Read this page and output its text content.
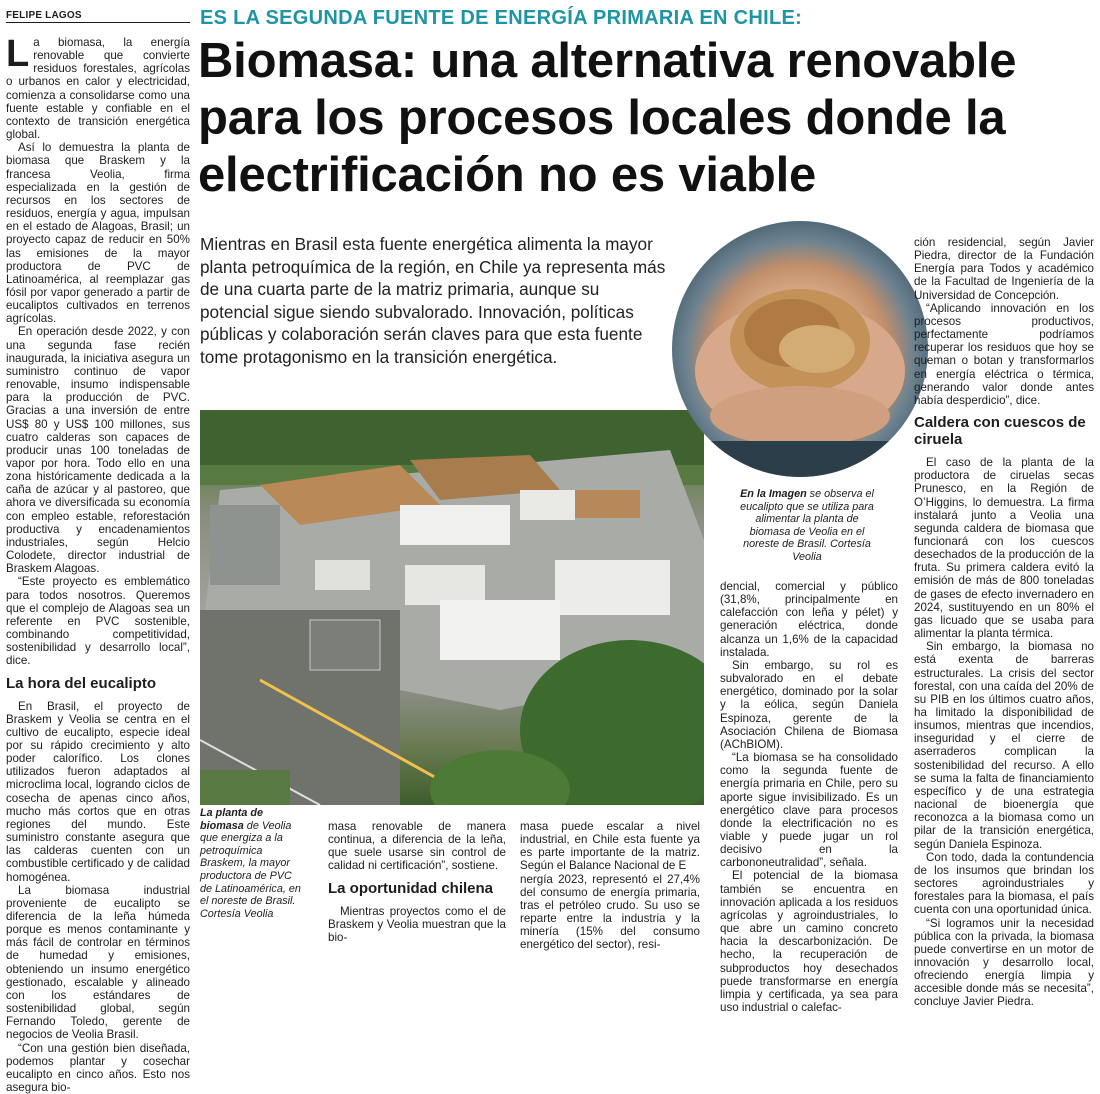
FELIPE LAGOS	ES LA SEGUNDA FUENTE DE ENERGÍA PRIMARIA EN CHILE:
Biomasa: una alternativa renovable
para los procesos locales donde la
electrificación no es viable
Mientras en Brasil esta fuente energética alimenta la mayor planta petroquímica de la región, en Chile ya representa más de una cuarta parte de la matriz primaria, aunque su potencial sigue siendo subvalorado. Innovación, políticas públicas y colaboración serán claves para que esta fuente tome protagonismo en la transición energética.

La biomasa, la energía renovable que convierte residuos forestales, agrícolas o urbanos en calor y electricidad, comienza a consolidarse como una fuente estable y confiable en el contexto de transición energética global.

Así lo demuestra la planta de biomasa que Braskem y la francesa Veolia, firma especializada en la gestión de recursos en los sectores de residuos, energía y agua, impulsan en el estado de Alagoas, Brasil; un proyecto capaz de reducir en 50% las emisiones de la mayor productora de PVC de Latinoamérica, al reemplazar gas fósil por vapor generado a partir de eucaliptos cultivados en terrenos agrícolas.

En operación desde 2022, y con una segunda fase recién inaugurada, la iniciativa asegura un suministro continuo de vapor renovable, insumo indispensable para la producción de PVC. Gracias a una inversión de entre US$ 80 y US$ 100 millones, sus cuatro calderas son capaces de producir unas 100 toneladas de vapor por hora. Todo ello en una zona históricamente dedicada a la caña de azúcar y al pastoreo, que ahora ve diversificada su economía con empleo estable, reforestación productiva y encadenamientos industriales, según Helcio Colodete, director industrial de Braskem Alagoas.

“Este proyecto es emblemático para todos nosotros. Queremos que el complejo de Alagoas sea un referente en PVC sostenible, combinando competitividad, sostenibilidad y desarrollo local”, dice.

La hora del eucalipto

En Brasil, el proyecto de Braskem y Veolia se centra en el cultivo de eucalipto, especie ideal por su rápido crecimiento y alto poder calorífico. Los clones utilizados fueron adaptados al microclima local, logrando ciclos de cosecha de apenas cinco años, mucho más cortos que en otras regiones del mundo. Este suministro constante asegura que las calderas cuenten con un combustible certificado y de calidad homogénea.

La biomasa industrial proveniente de eucalipto se diferencia de la leña húmeda porque es menos contaminante y más fácil de controlar en términos de humedad y emisiones, obteniendo un insumo energético gestionado, escalable y alineado con los estándares de sostenibilidad global, según Fernando Toledo, gerente de negocios de Veolia Brasil.

“Con una gestión bien diseñada, podemos plantar y cosechar eucalipto en cinco años. Esto nos asegura bio-

La planta de biomasa de Veolia que energiza a la petroquímica Braskem, la mayor productora de PVC de Latinoamérica, en el noreste de Brasil. Cortesía Veolia

masa renovable de manera continua, a diferencia de la leña, que suele usarse sin control de calidad ni certificación”, sostiene.

La oportunidad chilena

Mientras proyectos como el de Braskem y Veolia muestran que la bio-

masa puede escalar a nivel industrial, en Chile esta fuente ya es parte importante de la matriz. Según el Balance Nacional de E

nergía 2023, representó el 27,4% del consumo de energía primaria, tras el petróleo crudo. Su uso se reparte entre la industria y la minería (15% del consumo energético del sector), resi-

En la Imagen se observa el eucalipto que se utiliza para alimentar la planta de biomasa de Veolia en el noreste de Brasil. Cortesía Veolia

dencial, comercial y público (31,8%, principalmente en calefacción con leña y pélet) y generación eléctrica, donde alcanza un 1,6% de la capacidad instalada.

Sin embargo, su rol es subvalorado en el debate energético, dominado por la solar y la eólica, según Daniela Espinoza, gerente de la Asociación Chilena de Biomasa (AChBIOM).

“La biomasa se ha consolidado como la segunda fuente de energía primaria en Chile, pero su aporte sigue invisibilizado. Es un energético clave para procesos donde la electrificación no es viable y puede jugar un rol decisivo en la carbononeutralidad”, señala.

El potencial de la biomasa también se encuentra en innovación aplicada a los residuos agrícolas y agroindustriales, lo que abre un camino concreto hacia la descarbonización. De hecho, la recuperación de subproductos hoy desechados puede transformarse en energía limpia y certificada, ya sea para uso industrial o calefac-

ción residencial, según Javier Piedra, director de la Fundación Energía para Todos y académico de la Facultad de Ingeniería de la Universidad de Concepción.

“Aplicando innovación en los procesos productivos, perfectamente podríamos recuperar los residuos que hoy se queman o botan y transformarlos en energía eléctrica o térmica, generando valor donde antes había desperdicio”, dice.

Caldera con cuescos de ciruela

El caso de la planta de la productora de ciruelas secas Prunesco, en la Región de O’Higgins, lo demuestra. La firma instalará junto a Veolia una segunda caldera de biomasa que funcionará con los cuescos desechados de la producción de la fruta. Su primera caldera evitó la emisión de más de 800 toneladas de gases de efecto invernadero en 2024, sustituyendo en un 80% el gas licuado que se usaba para alimentar la planta térmica.

Sin embargo, la biomasa no está exenta de barreras estructurales. La crisis del sector forestal, con una caída del 20% de su PIB en los últimos cuatro años, ha limitado la disponibilidad de insumos, mientras que incendios, inseguridad y el cierre de aserraderos complican la sostenibilidad del recurso. A ello se suma la falta de financiamiento específico y de una estrategia nacional de bioenergía que reconozca a la biomasa como un pilar de la transición energética, según Daniela Espinoza.

Con todo, dada la contundencia de los insumos que brindan los sectores agroindustriales y forestales para la biomasa, el país cuenta con una oportunidad única.

“Si logramos unir la necesidad pública con la privada, la biomasa puede convertirse en un motor de innovación y desarrollo local, ofreciendo energía limpia y accesible donde más se necesita”, concluye Javier Piedra.
